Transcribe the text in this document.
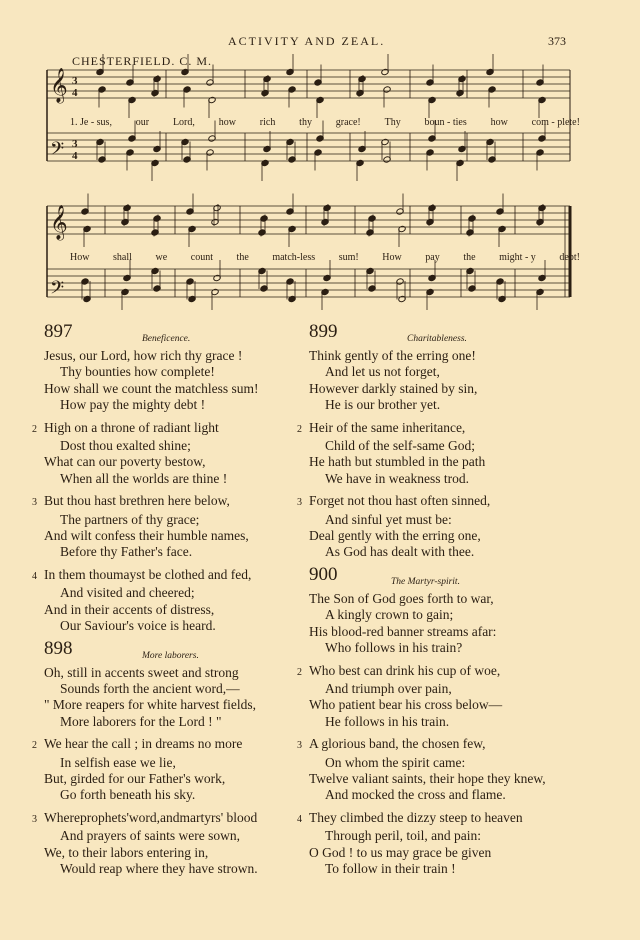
ACTIVITY AND ZEAL.	373
CHESTERFIELD. C. M.
𝄞
𝄢
𝄞
𝄢
3
4
3
4
1. Je - sus, our Lord, how rich thy grace! Thy boun - ties how com - plete!
How shall we count the match-less sum! How pay the might - y debt!
897	Beneficence.
Jesus, our Lord, how rich thy grace !
Thy bounties how complete!
How shall we count the matchless sum!
How pay the mighty debt !
2 High on a throne of radiant light
Dost thou exalted shine;
What can our poverty bestow,
When all the worlds are thine !
3 But thou hast brethren here below,
The partners of thy grace;
And wilt confess their humble names,
Before thy Father's face.
4 In them thoumayst be clothed and fed,
And visited and cheered;
And in their accents of distress,
Our Saviour's voice is heard.
898	More laborers.
Oh, still in accents sweet and strong
Sounds forth the ancient word,—
" More reapers for white harvest fields,
More laborers for the Lord ! "
2 We hear the call ; in dreams no more
In selfish ease we lie,
But, girded for our Father's work,
Go forth beneath his sky.
3 Whereprophets'word,andmartyrs' blood
And prayers of saints were sown,
We, to their labors entering in,
Would reap where they have strown.
899	Charitableness.
Think gently of the erring one!
And let us not forget,
However darkly stained by sin,
He is our brother yet.
2 Heir of the same inheritance,
Child of the self-same God;
He hath but stumbled in the path
We have in weakness trod.
3 Forget not thou hast often sinned,
And sinful yet must be:
Deal gently with the erring one,
As God has dealt with thee.
900	The Martyr-spirit.
The Son of God goes forth to war,
A kingly crown to gain;
His blood-red banner streams afar:
Who follows in his train?
2 Who best can drink his cup of woe,
And triumph over pain,
Who patient bear his cross below—
He follows in his train.
3 A glorious band, the chosen few,
On whom the spirit came:
Twelve valiant saints, their hope they knew,
And mocked the cross and flame.
4 They climbed the dizzy steep to heaven
Through peril, toil, and pain:
O God ! to us may grace be given
To follow in their train !
